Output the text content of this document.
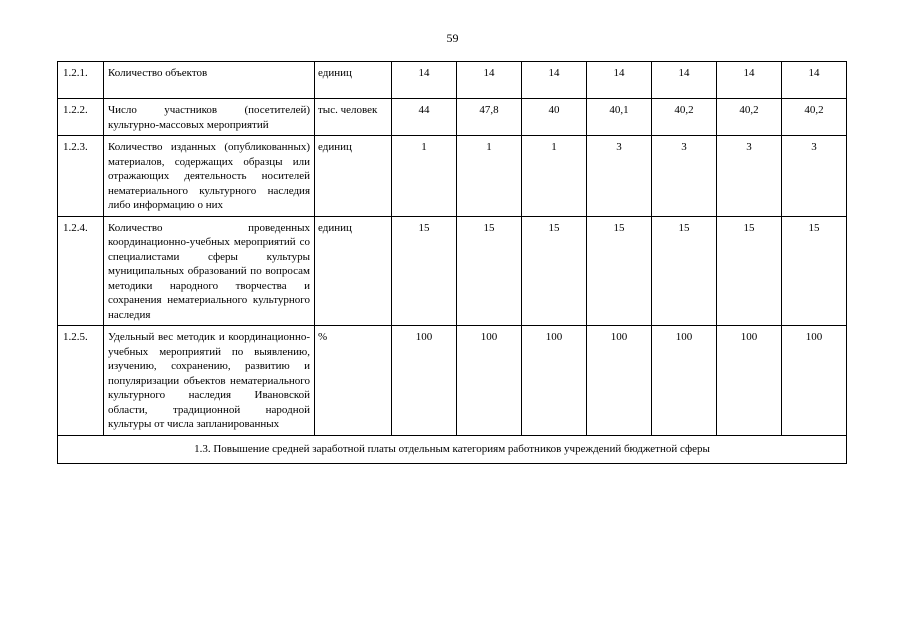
59
1.2.1.	Количество объектов	единиц	14	14	14	14	14	14	14
1.2.2.	Число участников (посетителей) культурно-массовых мероприятий	тыс. человек	44	47,8	40	40,1	40,2	40,2	40,2
1.2.3.	Количество изданных (опубликованных) материалов, содержащих образцы или отражающих деятельность носителей нематериального культурного наследия либо информацию о них	единиц	1	1	1	3	3	3	3
1.2.4.	Количество проведенных координационно-учебных мероприятий со специалистами сферы культуры муниципальных образований по вопросам методики народного творчества и сохранения нематериального культурного наследия	единиц	15	15	15	15	15	15	15
1.2.5.	Удельный вес методик и координационно-учебных мероприятий по выявлению, изучению, сохранению, развитию и популяризации объектов нематериального культурного наследия Ивановской области, традиционной народной культуры от числа запланированных	%	100	100	100	100	100	100	100
1.3. Повышение средней заработной платы отдельным категориям работников учреждений бюджетной сферы									
